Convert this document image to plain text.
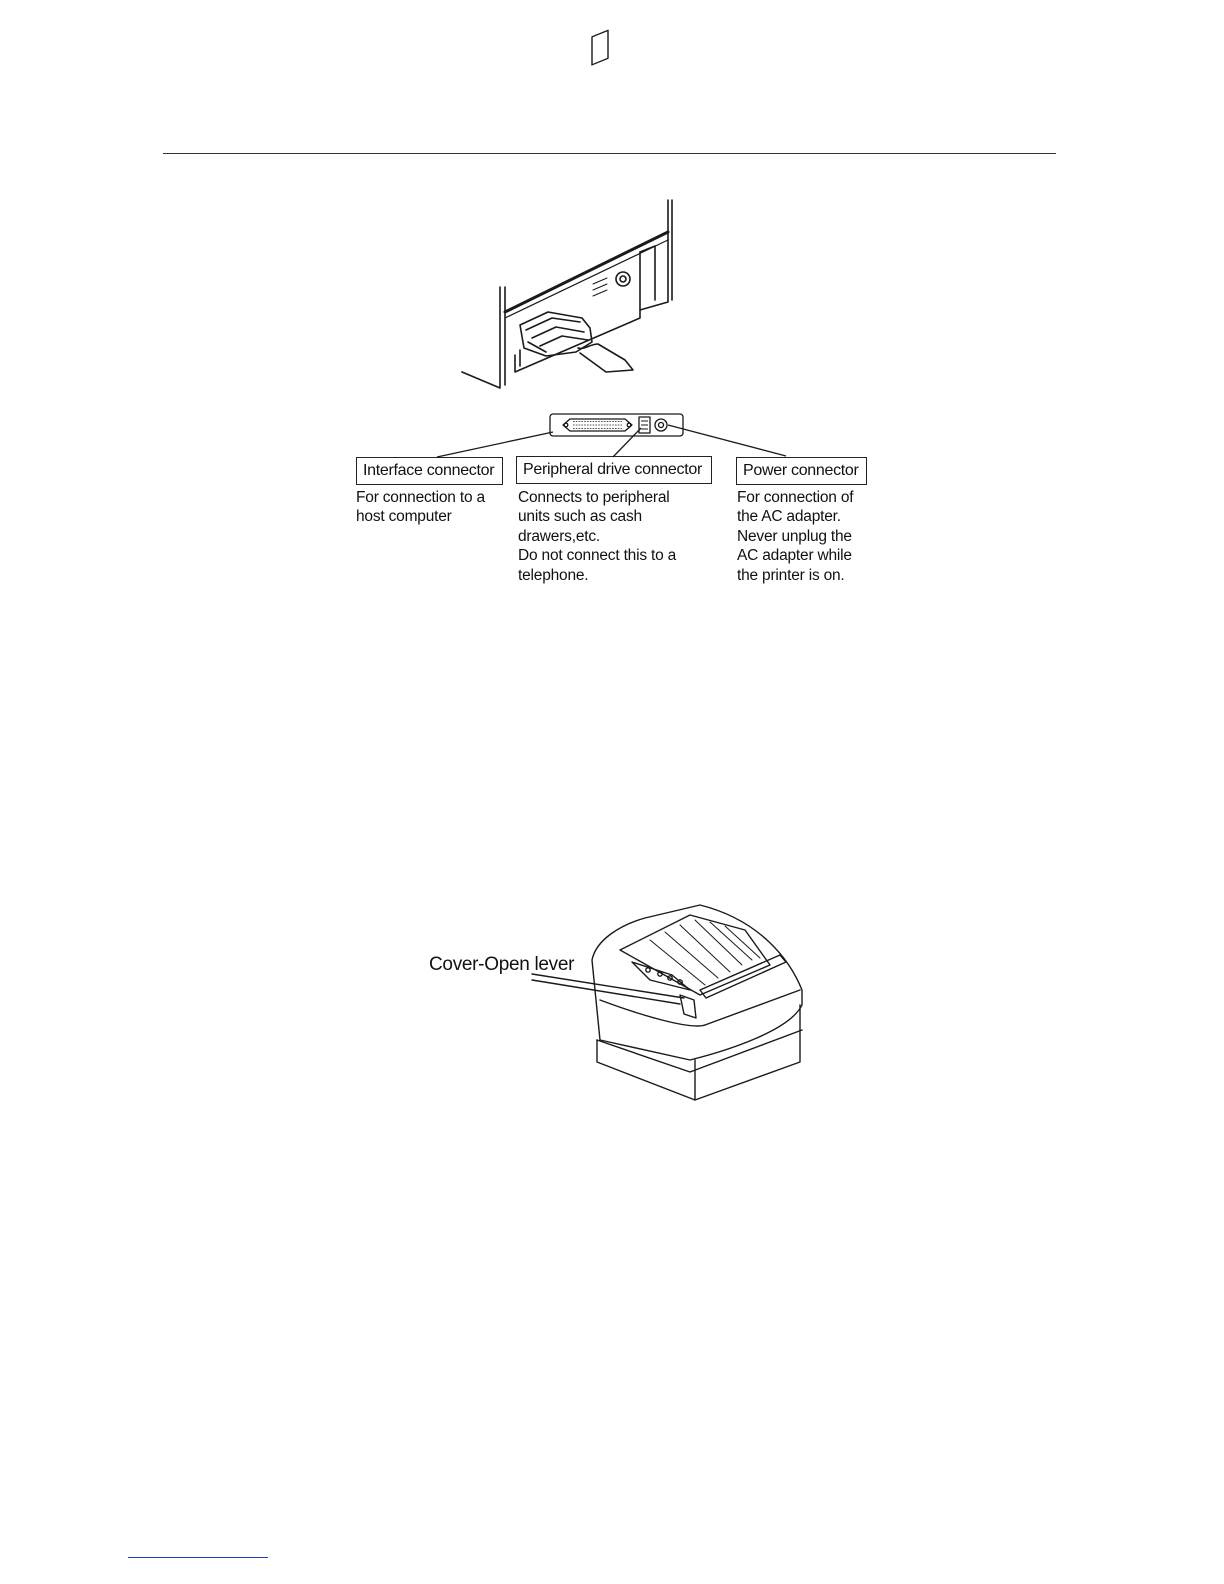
Interface connector	Peripheral drive connector	Power connector
For connection to a
host computer
Connects to peripheral
units such as cash
drawers,etc.
Do not connect this to a
telephone.
For connection of
the AC adapter.
Never unplug the
AC adapter while
the printer is on.
Cover-Open lever
